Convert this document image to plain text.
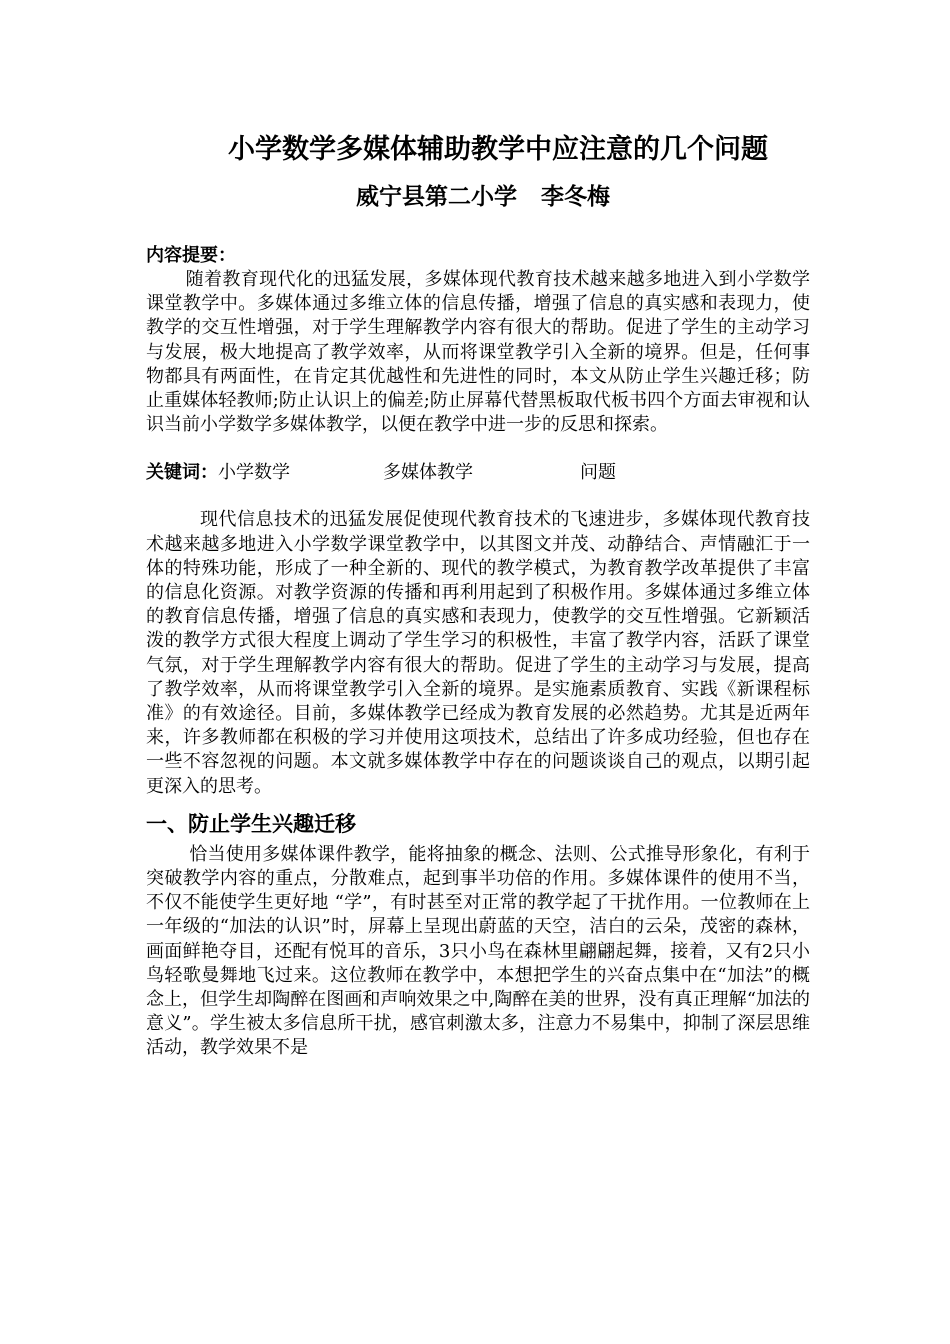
小学数学多媒体辅助教学中应注意的几个问题
威宁县第二小学   李冬梅
内容提要：

随着教育现代化的迅猛发展，多媒体现代教育技术越来越多地进入到小学数学课堂教学中。多媒体通过多维立体的信息传播，增强了信息的真实感和表现力，使教学的交互性增强，对于学生理解教学内容有很大的帮助。促进了学生的主动学习与发展，极大地提高了教学效率，从而将课堂教学引入全新的境界。但是，任何事物都具有两面性，在肯定其优越性和先进性的同时，本文从防止学生兴趣迁移；防止重媒体轻教师;防止认识上的偏差;防止屏幕代替黑板取代板书四个方面去审视和认识当前小学数学多媒体教学，以便在教学中进一步的反思和探索。

关键词：小学数学	多媒体教学	问题

现代信息技术的迅猛发展促使现代教育技术的飞速进步，多媒体现代教育技术越来越多地进入小学数学课堂教学中，以其图文并茂、动静结合、声情融汇于一体的特殊功能，形成了一种全新的、现代的教学模式，为教育教学改革提供了丰富的信息化资源。对教学资源的传播和再利用起到了积极作用。多媒体通过多维立体的教育信息传播，增强了信息的真实感和表现力，使教学的交互性增强。它新颖活泼的教学方式很大程度上调动了学生学习的积极性，丰富了教学内容，活跃了课堂气氛，对于学生理解教学内容有很大的帮助。促进了学生的主动学习与发展，提高了教学效率，从而将课堂教学引入全新的境界。是实施素质教育、实践《新课程标准》的有效途径。目前，多媒体教学已经成为教育发展的必然趋势。尤其是近两年来，许多教师都在积极的学习并使用这项技术，总结出了许多成功经验，但也存在一些不容忽视的问题。本文就多媒体教学中存在的问题谈谈自己的观点，以期引起更深入的思考。

一、防止学生兴趣迁移

恰当使用多媒体课件教学，能将抽象的概念、法则、公式推导形象化，有利于突破教学内容的重点，分散难点，起到事半功倍的作用。多媒体课件的使用不当，不仅不能使学生更好地 “学”，有时甚至对正常的教学起了干扰作用。一位教师在上一年级的“加法的认识”时，屏幕上呈现出蔚蓝的天空，洁白的云朵，茂密的森林，画面鲜艳夺目，还配有悦耳的音乐，3只小鸟在森林里翩翩起舞，接着，又有2只小鸟轻歌曼舞地飞过来。这位教师在教学中，本想把学生的兴奋点集中在“加法”的概念上，但学生却陶醉在图画和声响效果之中,陶醉在美的世界，没有真正理解“加法的意义”。学生被太多信息所干扰，感官刺激太多，注意力不易集中，抑制了深层思维活动，教学效果不是
